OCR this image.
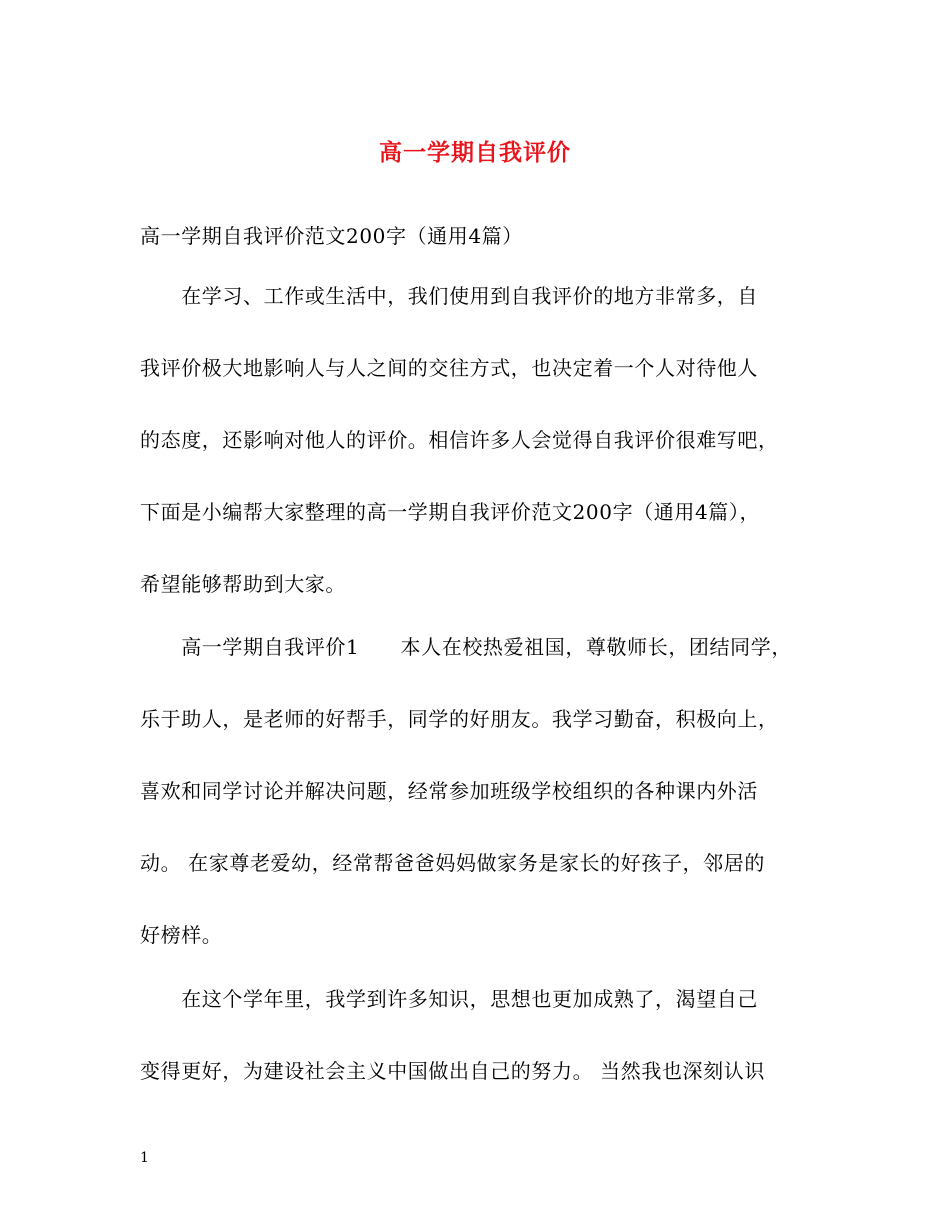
高一学期自我评价
高一学期自我评价范文200字（通用4篇）
　　在学习、工作或生活中，我们使用到自我评价的地方非常多，自
我评价极大地影响人与人之间的交往方式，也决定着一个人对待他人
的态度，还影响对他人的评价。相信许多人会觉得自我评价很难写吧，
下面是小编帮大家整理的高一学期自我评价范文200字（通用4篇），
希望能够帮助到大家。
　　高一学期自我评价1　　本人在校热爱祖国，尊敬师长，团结同学，
乐于助人，是老师的好帮手，同学的好朋友。我学习勤奋，积极向上，
喜欢和同学讨论并解决问题，经常参加班级学校组织的各种课内外活
动。 在家尊老爱幼，经常帮爸爸妈妈做家务是家长的好孩子，邻居的
好榜样。
　　在这个学年里，我学到许多知识，思想也更加成熟了，渴望自己
变得更好，为建设社会主义中国做出自己的努力。 当然我也深刻认识
1
